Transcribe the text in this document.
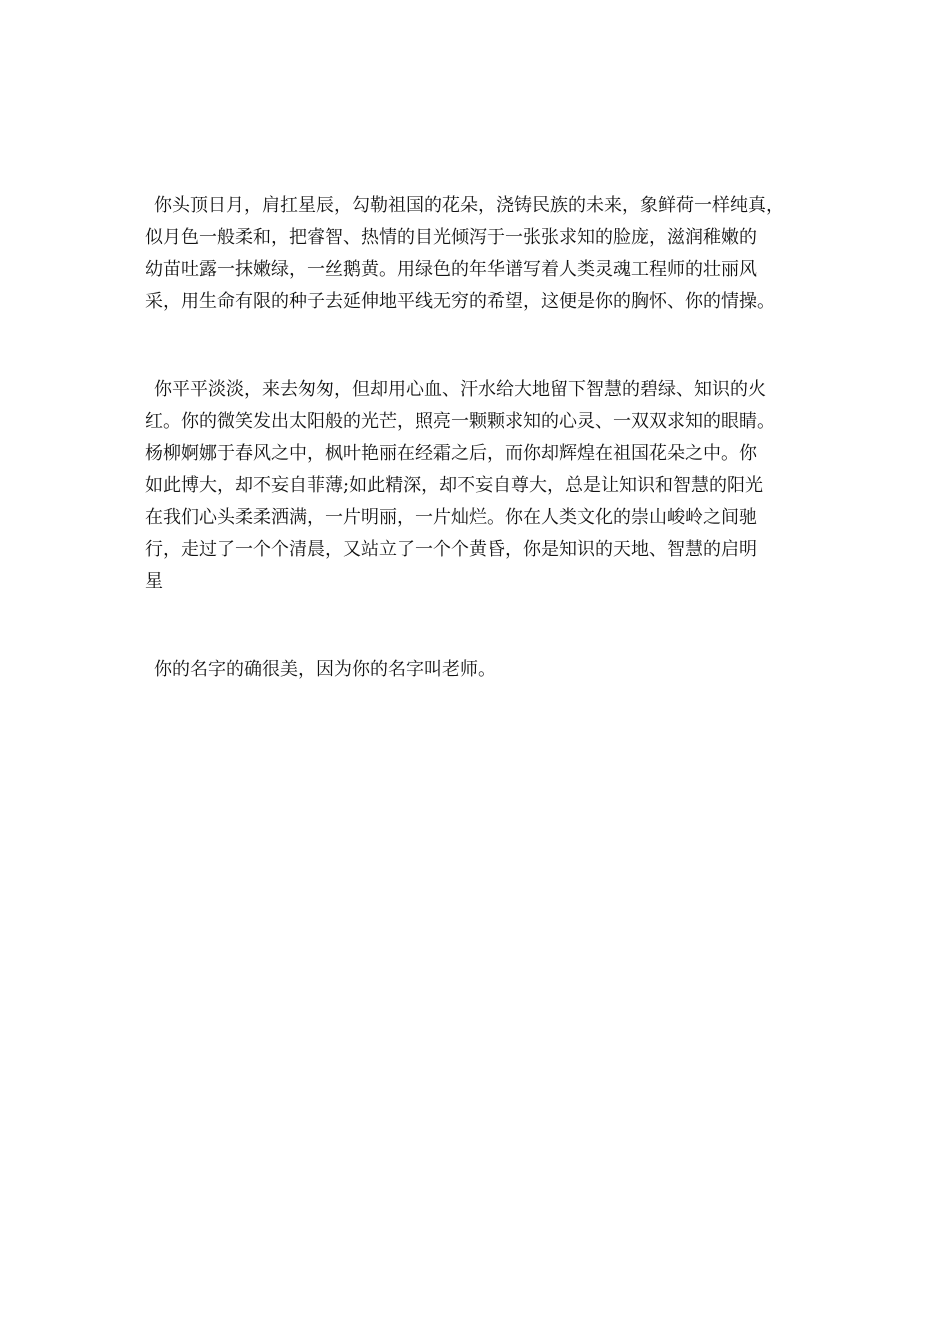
你头顶日月，肩扛星辰，勾勒祖国的花朵，浇铸民族的未来，象鲜荷一样纯真，
似月色一般柔和，把睿智、热情的目光倾泻于一张张求知的脸庞，滋润稚嫩的
幼苗吐露一抹嫩绿，一丝鹅黄。用绿色的年华谱写着人类灵魂工程师的壮丽风
采，用生命有限的种子去延伸地平线无穷的希望，这便是你的胸怀、你的情操。

你平平淡淡，来去匆匆，但却用心血、汗水给大地留下智慧的碧绿、知识的火
红。你的微笑发出太阳般的光芒，照亮一颗颗求知的心灵、一双双求知的眼睛。
杨柳婀娜于春风之中，枫叶艳丽在经霜之后，而你却辉煌在祖国花朵之中。你
如此博大，却不妄自菲薄;如此精深，却不妄自尊大，总是让知识和智慧的阳光
在我们心头柔柔洒满，一片明丽，一片灿烂。你在人类文化的崇山峻岭之间驰
行，走过了一个个清晨，又站立了一个个黄昏，你是知识的天地、智慧的启明
星

你的名字的确很美，因为你的名字叫老师。
